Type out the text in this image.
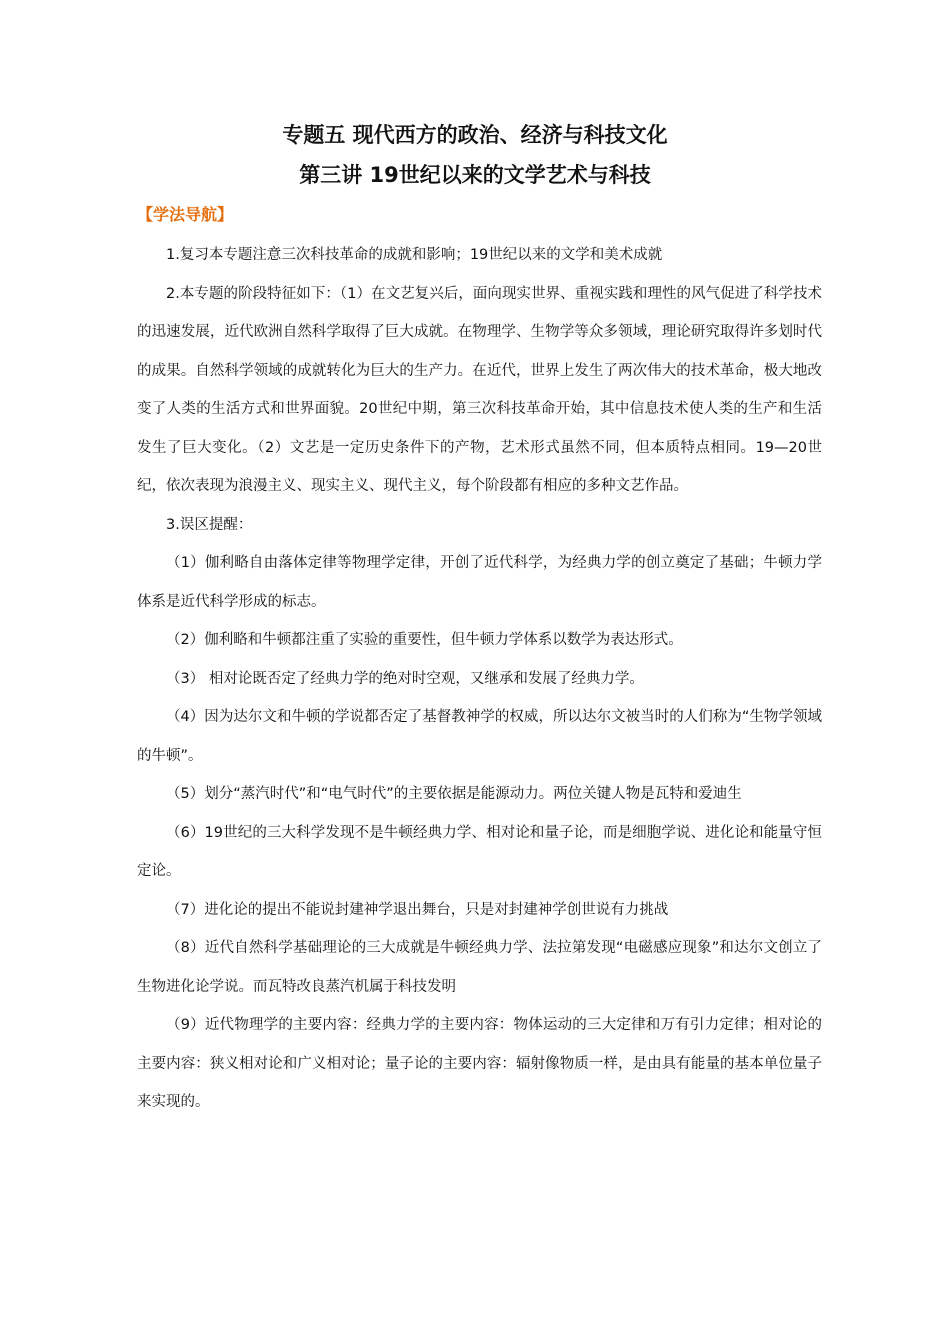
专题五 现代西方的政治、经济与科技文化
第三讲 19世纪以来的文学艺术与科技
【学法导航】

1.复习本专题注意三次科技革命的成就和影响；19世纪以来的文学和美术成就

2.本专题的阶段特征如下：（1）在文艺复兴后，面向现实世界、重视实践和理性的风气促进了科学技术的迅速发展，近代欧洲自然科学取得了巨大成就。在物理学、生物学等众多领域，理论研究取得许多划时代的成果。自然科学领域的成就转化为巨大的生产力。在近代，世界上发生了两次伟大的技术革命，极大地改变了人类的生活方式和世界面貌。20世纪中期，第三次科技革命开始，其中信息技术使人类的生产和生活发生了巨大变化。（2）文艺是一定历史条件下的产物，艺术形式虽然不同，但本质特点相同。19—20世纪，依次表现为浪漫主义、现实主义、现代主义，每个阶段都有相应的多种文艺作品。

3.误区提醒：

（1）伽利略自由落体定律等物理学定律，开创了近代科学，为经典力学的创立奠定了基础；牛顿力学体系是近代科学形成的标志。

（2）伽利略和牛顿都注重了实验的重要性，但牛顿力学体系以数学为表达形式。

（3） 相对论既否定了经典力学的绝对时空观，又继承和发展了经典力学。

（4）因为达尔文和牛顿的学说都否定了基督教神学的权威，所以达尔文被当时的人们称为“生物学领域的牛顿”。

（5）划分“蒸汽时代”和“电气时代”的主要依据是能源动力。两位关键人物是瓦特和爱迪生

（6）19世纪的三大科学发现不是牛顿经典力学、相对论和量子论，而是细胞学说、进化论和能量守恒定论。

（7）进化论的提出不能说封建神学退出舞台，只是对封建神学创世说有力挑战

（8）近代自然科学基础理论的三大成就是牛顿经典力学、法拉第发现“电磁感应现象”和达尔文创立了生物进化论学说。而瓦特改良蒸汽机属于科技发明

（9）近代物理学的主要内容：经典力学的主要内容：物体运动的三大定律和万有引力定律；相对论的主要内容：狭义相对论和广义相对论；量子论的主要内容：辐射像物质一样，是由具有能量的基本单位量子来实现的。
